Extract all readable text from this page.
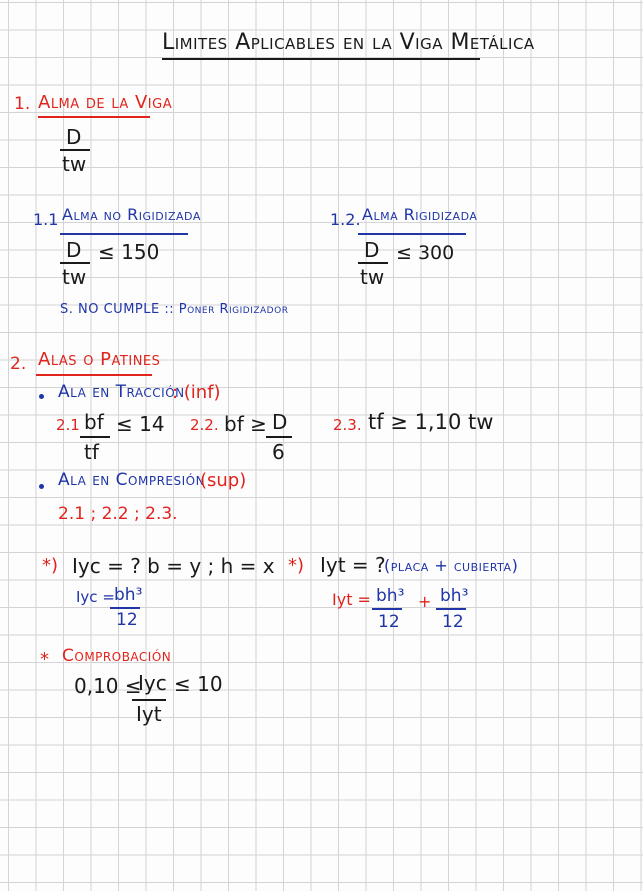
Limites Aplicables en la Viga Metálica
1. Alma de la Viga
D
tw
1.1 Alma no Rigidizada
D
tw
≤ 150
S. NO CUMPLE :: Poner Rigidizador
1.2. Alma Rigidizada
D
tw
≤ 300
2. Alas o Patines
Ala en Tracción
: (inf)
2.1 bf
tf
≤ 14 2.2. bf ≥ D
6
2.3. tf ≥ 1,10 tw
Ala en Compresión
(sup)
2.1 ; 2.2 ; 2.3.
*) Iyc = ? b = y ; h = x
Iyc = bh³
12
*) Iyt = ?
(placa + cubierta)
Iyt = bh³
12
+ bh³
12
* Comprobación
0,10 ≤
Iyc
Iyt
≤ 10
